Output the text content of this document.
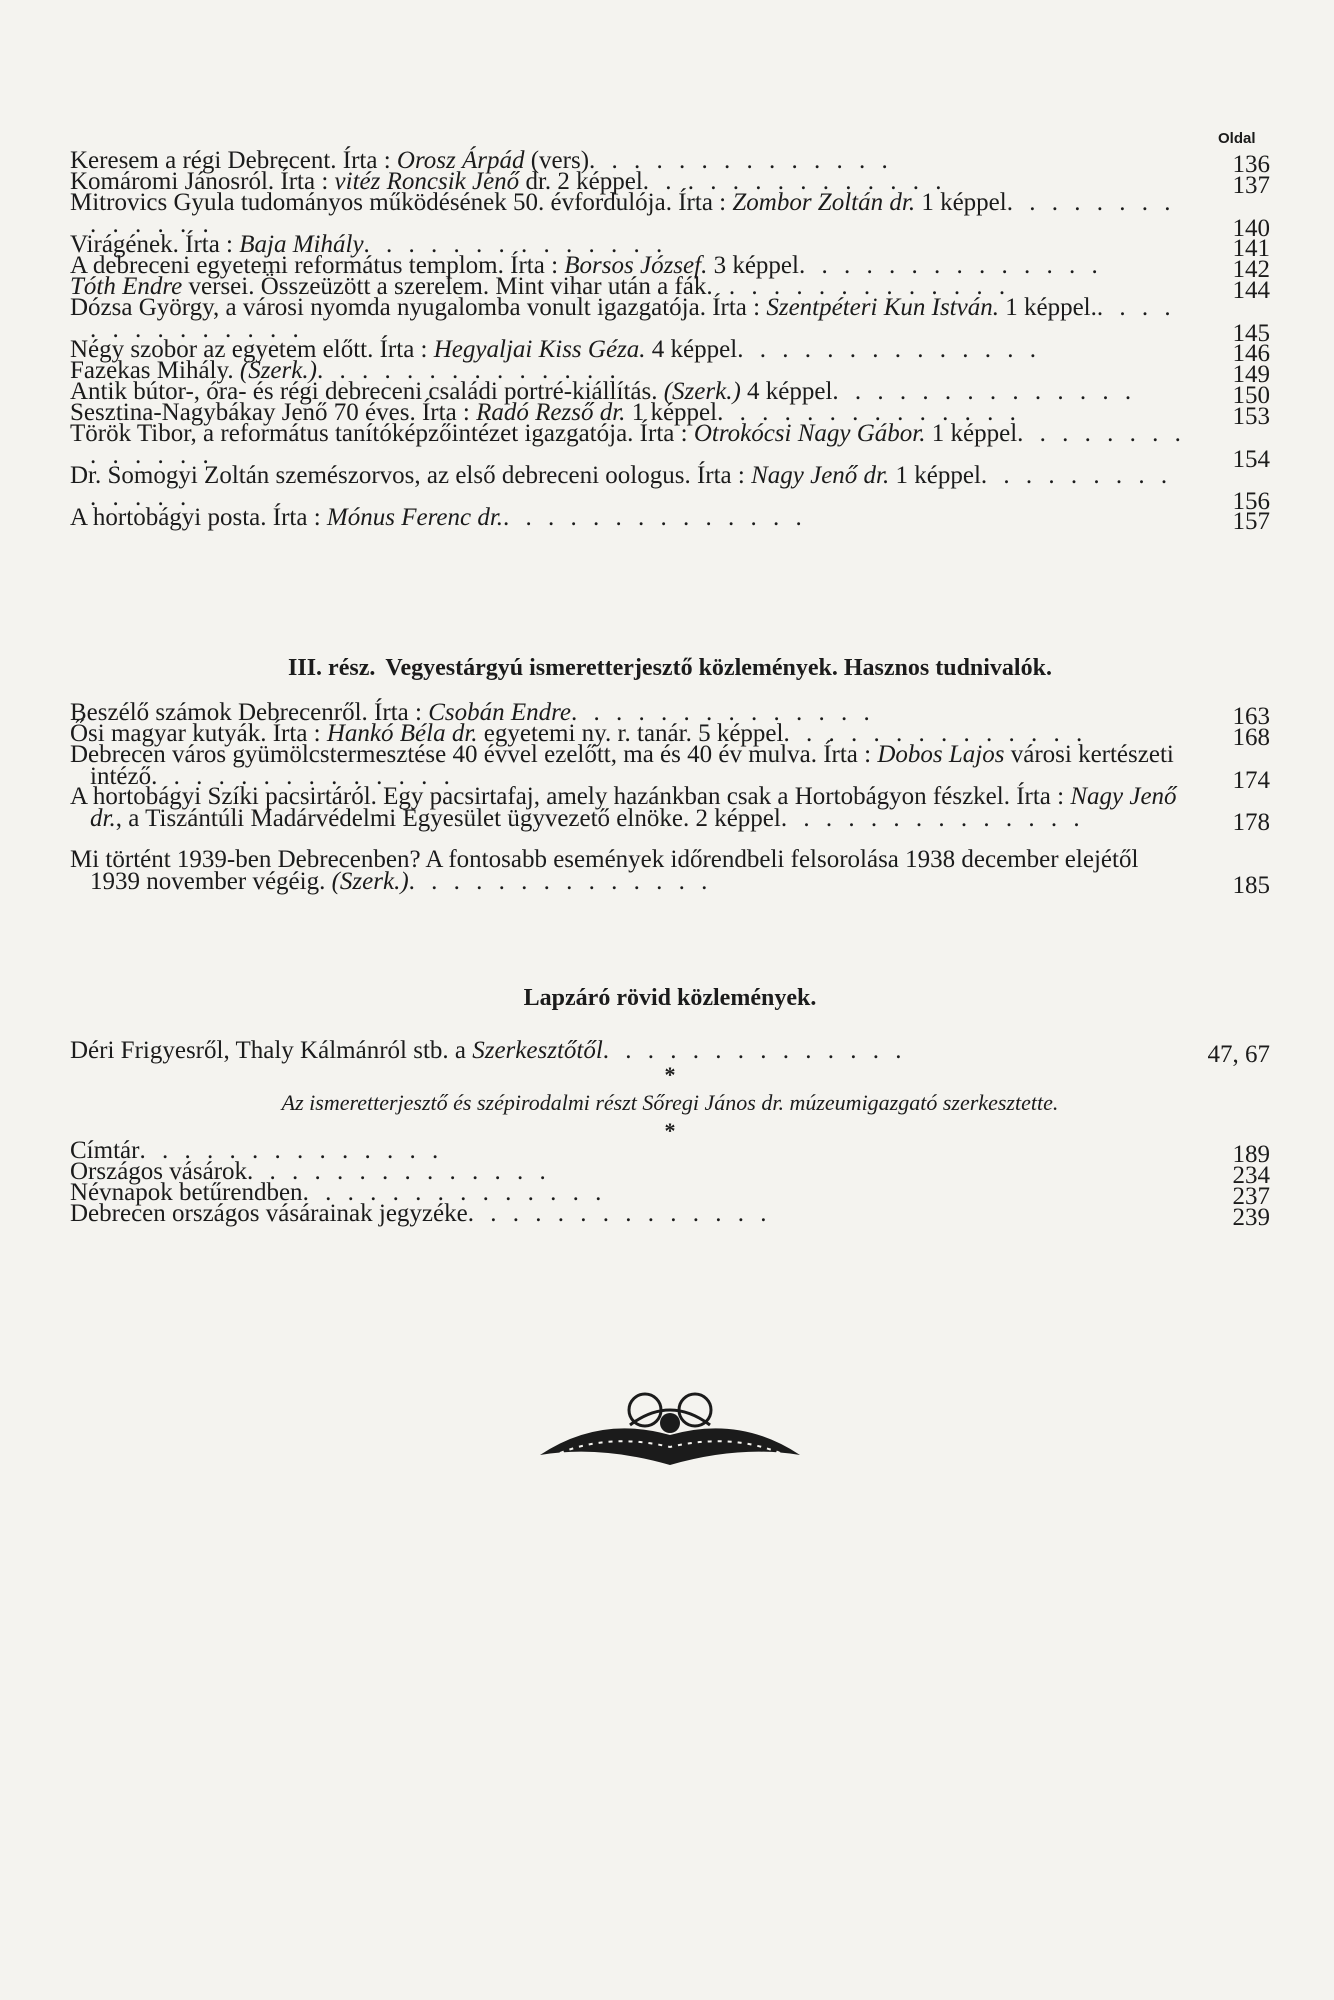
Oldal
Keresem a régi Debrecent. Írta : Orosz Árpád (vers). . . . . . . . . . . . . .	136
Komáromi Jánosról. Írta : vitéz Roncsik Jenő dr. 2 képpel. . . . . . . . . . . . . .	137
Mitrovics Gyula tudományos működésének 50. évfordulója. Írta : Zombor Zoltán dr. 1 képpel. . . . . . . . . . . . . .	140
Virágének. Írta : Baja Mihály. . . . . . . . . . . . . .	141
A debreceni egyetemi református templom. Írta : Borsos József. 3 képpel. . . . . . . . . . . . . .	142
Tóth Endre versei. Összeüzött a szerelem. Mint vihar után a fák. . . . . . . . . . . . . .	144
Dózsa György, a városi nyomda nyugalomba vonult igazgatója. Írta : Szentpéteri Kun István. 1 képpel.. . . . . . . . . . . . . .	145
Négy szobor az egyetem előtt. Írta : Hegyaljai Kiss Géza. 4 képpel. . . . . . . . . . . . . .	146
Fazekas Mihály. (Szerk.). . . . . . . . . . . . . .	149
Antik bútor-, óra- és régi debreceni családi portré-kiállítás. (Szerk.) 4 képpel. . . . . . . . . . . . . .	150
Sesztina-Nagybákay Jenő 70 éves. Írta : Radó Rezső dr. 1 képpel. . . . . . . . . . . . . .	153
Török Tibor, a református tanítóképzőintézet igazgatója. Írta : Otrokócsi Nagy Gábor. 1 képpel. . . . . . . . . . . . . .	154
Dr. Somogyi Zoltán szemészorvos, az első debreceni oologus. Írta : Nagy Jenő dr. 1 képpel. . . . . . . . . . . . . .	156
A hortobágyi posta. Írta : Mónus Ferenc dr.. . . . . . . . . . . . . .	157
III. rész. Vegyestárgyú ismeretterjesztő közlemények. Hasznos tudnivalók.
Beszélő számok Debrecenről. Írta : Csobán Endre. . . . . . . . . . . . . .	163
Ősi magyar kutyák. Írta : Hankó Béla dr. egyetemi ny. r. tanár. 5 képpel. . . . . . . . . . . . . .	168
Debrecen város gyümölcstermesztése 40 évvel ezelőtt, ma és 40 év mulva. Írta : Dobos Lajos városi kertészeti intéző. . . . . . . . . . . . . .	174
A hortobágyi Szíki pacsirtáról. Egy pacsirtafaj, amely hazánkban csak a Hortobágyon fészkel. Írta : Nagy Jenő dr., a Tiszántúli Madárvédelmi Egyesület ügyvezető elnöke. 2 képpel. . . . . . . . . . . . . .	178
Mi történt 1939-ben Debrecenben? A fontosabb események időrendbeli felsorolása 1938 december elejétől 1939 november végéig. (Szerk.). . . . . . . . . . . . . .	185
Lapzáró rövid közlemények.
Déri Frigyesről, Thaly Kálmánról stb. a Szerkesztőtől. . . . . . . . . . . . . .	47, 67
*
Az ismeretterjesztő és szépirodalmi részt Sőregi János dr. múzeumigazgató szerkesztette.
*
Címtár. . . . . . . . . . . . . .	189
Országos vásárok. . . . . . . . . . . . . .	234
Névnapok betűrendben. . . . . . . . . . . . . .	237
Debrecen országos vásárainak jegyzéke. . . . . . . . . . . . . .	239
